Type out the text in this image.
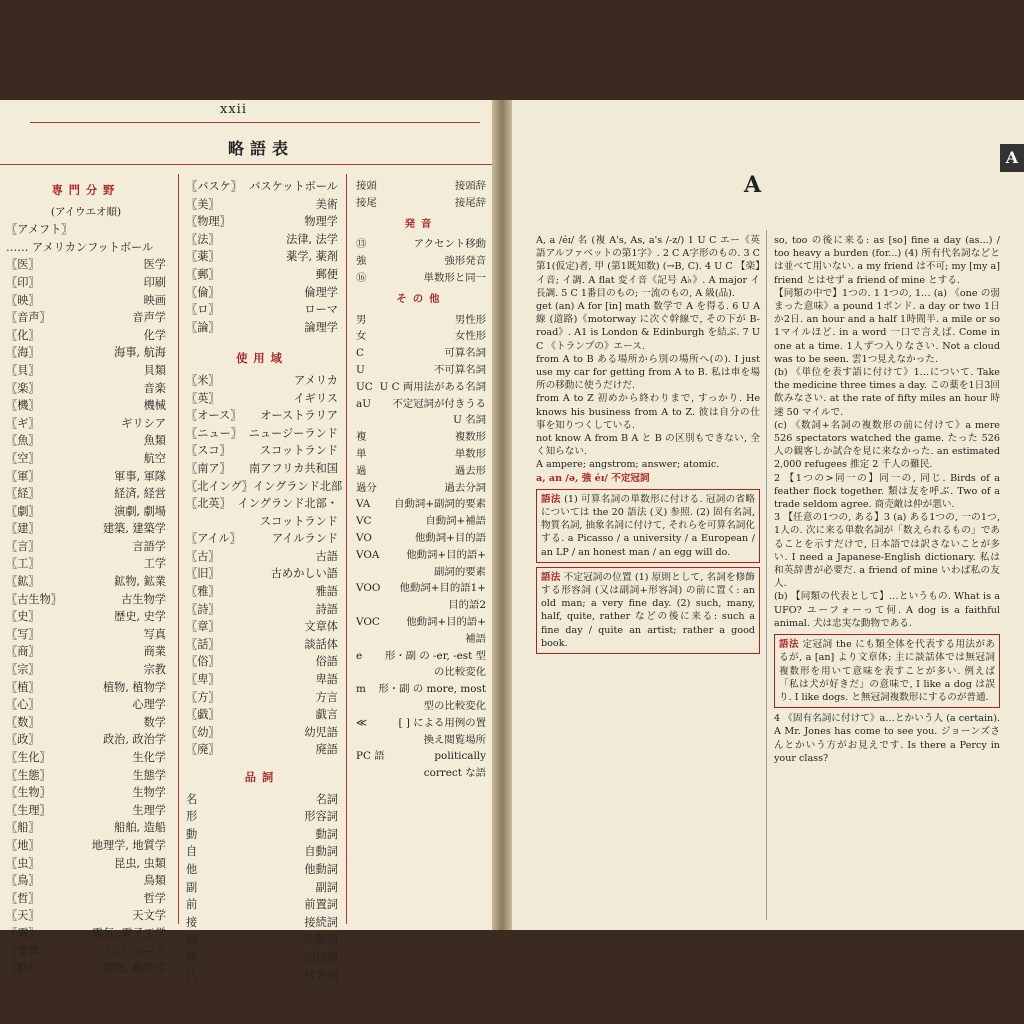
xxii
略語表
専門分野
(アイウエオ順)
〖アメフト〗
…… アメリカンフットボール
〖医〗	医学
〖印〗	印刷
〖映〗	映画
〖音声〗	音声学
〖化〗	化学
〖海〗	海事, 航海
〖貝〗	貝類
〖楽〗	音楽
〖機〗	機械
〖ギ〗	ギリシア
〖魚〗	魚類
〖空〗	航空
〖軍〗	軍事, 軍隊
〖経〗	経済, 経営
〖劇〗	演劇, 劇場
〖建〗	建築, 建築学
〖言〗	言語学
〖工〗	工学
〖鉱〗	鉱物, 鉱業
〖古生物〗	古生物学
〖史〗	歴史, 史学
〖写〗	写真
〖商〗	商業
〖宗〗	宗教
〖植〗	植物, 植物学
〖心〗	心理学
〖数〗	数学
〖政〗	政治, 政治学
〖生化〗	生化学
〖生態〗	生態学
〖生物〗	生物学
〖生理〗	生理学
〖船〗	船舶, 造船
〖地〗	地理学, 地質学
〖虫〗	昆虫, 虫類
〖鳥〗	鳥類
〖哲〗	哲学
〖天〗	天文学
〖電〗	電気, 電子工学
〖電算〗	コンピュータ
〖動〗	動物, 動物学
〖バスケ〗 バスケットボール
〖美〗	美術
〖物理〗	物理学
〖法〗	法律, 法学
〖薬〗	薬学, 薬剤
〖郵〗	郵便
〖倫〗	倫理学
〖ロ〗	ローマ
〖論〗	論理学
使用域
〖米〗	アメリカ
〖英〗	イギリス
〖オース〗 オーストラリア
〖ニュー〗 ニュージーランド
〖スコ〗	スコットランド
〖南ア〗 南アフリカ共和国
〖北イング〗 イングランド北部
〖北英〗 イングランド北部・
スコットランド
〖アイル〗	アイルランド
〖古〗	古語
〖旧〗	古めかしい語
〖雅〗	雅語
〖詩〗	詩語
〖章〗	文章体
〖話〗	談話体
〖俗〗	俗語
〖卑〗	卑語
〖方〗	方言
〖戯〗	戯言
〖幼〗	幼児語
〖廃〗	廃語
品詞
名	名詞
形	形容詞
動	動詞
自	自動詞
他	他動詞
副	副詞
前	前置詞
接	接続詞
助	助動詞
間	間投詞
代	代名詞
接頭	接頭辞
接尾	接尾辞
発音
⑬	アクセント移動
強	強形発音
⑯	単数形と同一
その他
男	男性形
女	女性形
C	可算名詞
U	不可算名詞
UC U C 両用法がある名詞
aU 不定冠詞が付きうる
U 名詞
複	複数形
単	単数形
過	過去形
過分	過去分詞
VA 自動詞+副詞的要素
VC	自動詞+補語
VO	他動詞+目的語
VOA	他動詞+目的語+
副詞的要素
VOO 他動詞+目的語1+
目的語2
VOC	他動詞+目的語+
補語
e 形・副 の -er, -est 型
の比較変化
m 形・副 の more, most
型の比較変化
≪	[ ] による用例の置
換え閲覧場所
PC 語	politically
correct な語
A
A

A, a /éɪ/ 名 (複 A's, As, a's /-z/) 1 U C エー《英語アルファベットの第1字》. 2 C A字形のもの. 3 C 第1(仮定)者, 甲 (第1既知数) (→B, C). 4 U C 【楽】イ音; イ調. A flat 変イ音《記号 A♭》. A major イ長調. 5 C 1番目のもの; 一流のもの, A 級(品).

get (an) A for [in] math 数学で A を得る. 6 U A 線 (道路)《motorway に次ぐ幹線で, その下が B-road》. A1 is London & Edinburgh を結ぶ. 7 U C 《トランプの》エース.

from A to B ある場所から別の場所へ(の). I just use my car for getting from A to B. 私は車を場所の移動に使うだけだ.

from A to Z 初めから終わりまで, すっかり. He knows his business from A to Z. 彼は自分の仕事を知りつくしている.

not know A from B A と B の区別もできない, 全く知らない.

A ampere; angstrom; answer; atomic.

a, an /ə, 強 éɪ/ 不定冠詞

語法 (1) 可算名詞の単数形に付ける. 冠詞の省略については the 20 語法 (叉) 参照. (2) 固有名詞, 物質名詞, 抽象名詞に付けて, それらを可算名詞化する. a Picasso / a university / a European / an LP / an honest man / an egg will do.
語法 不定冠詞の位置 (1) 原則として, 名詞を修飾する形容詞 (又は副詞+形容詞) の前に置く: an old man; a very fine day. (2) such, many, half, quite, rather などの後に来る: such a fine day / quite an artist; rather a good book.

so, too の後に来る: as [so] fine a day (as...) / too heavy a burden (for...) (4) 所有代名詞などとは並べて用いない. a my friend は不可; my [my a] friend とはせず a friend of mine とする.

【同類の中で】1つの. 1 1つの, 1… (a) 《one の弱まった意味》a pound 1ポンド. a day or two 1日か2日. an hour and a half 1時間半. a mile or so 1マイルほど. in a word 一口で言えば. Come in one at a time. 1人ずつ入りなさい. Not a cloud was to be seen. 雲1つ見えなかった.

(b) 《単位を表す語に付けて》1…について. Take the medicine three times a day. この薬を1日3回飲みなさい. at the rate of fifty miles an hour 時速 50 マイルで.

(c) 《数詞+名詞の複数形の前に付けて》a mere 526 spectators watched the game. たった 526 人の観客しか試合を見に来なかった. an estimated 2,000 refugees 推定 2 千人の難民.

2 【1つの>同一の】同一の, 同じ. Birds of a feather flock together. 類は友を呼ぶ. Two of a trade seldom agree. 商売敵は仲が悪い.

3 【任意の1つの, ある】3 (a) ある1つの, 一の1つ, 1人の. 次に来る単数名詞が「数えられるもの」であることを示すだけで, 日本語では訳さないことが多い. I need a Japanese-English dictionary. 私は和英辞書が必要だ. a friend of mine いわば私の友人.

(b) 【同類の代表として】…というもの. What is a UFO? ユーフォーって何. A dog is a faithful animal. 犬は忠実な動物である.

語法 定冠詞 the にも類全体を代表する用法があるが, a [an] より文章体; 主に談話体では無冠詞複数形を用いて意味を表すことが多い. 例えば「私は犬が好きだ」の意味で, I like a dog は誤り. I like dogs. と無冠詞複数形にするのが普通.

4 《固有名詞に付けて》a…とかいう人 (a certain). A Mr. Jones has come to see you. ジョーンズさんとかいう方がお見えです. Is there a Percy in your class?
